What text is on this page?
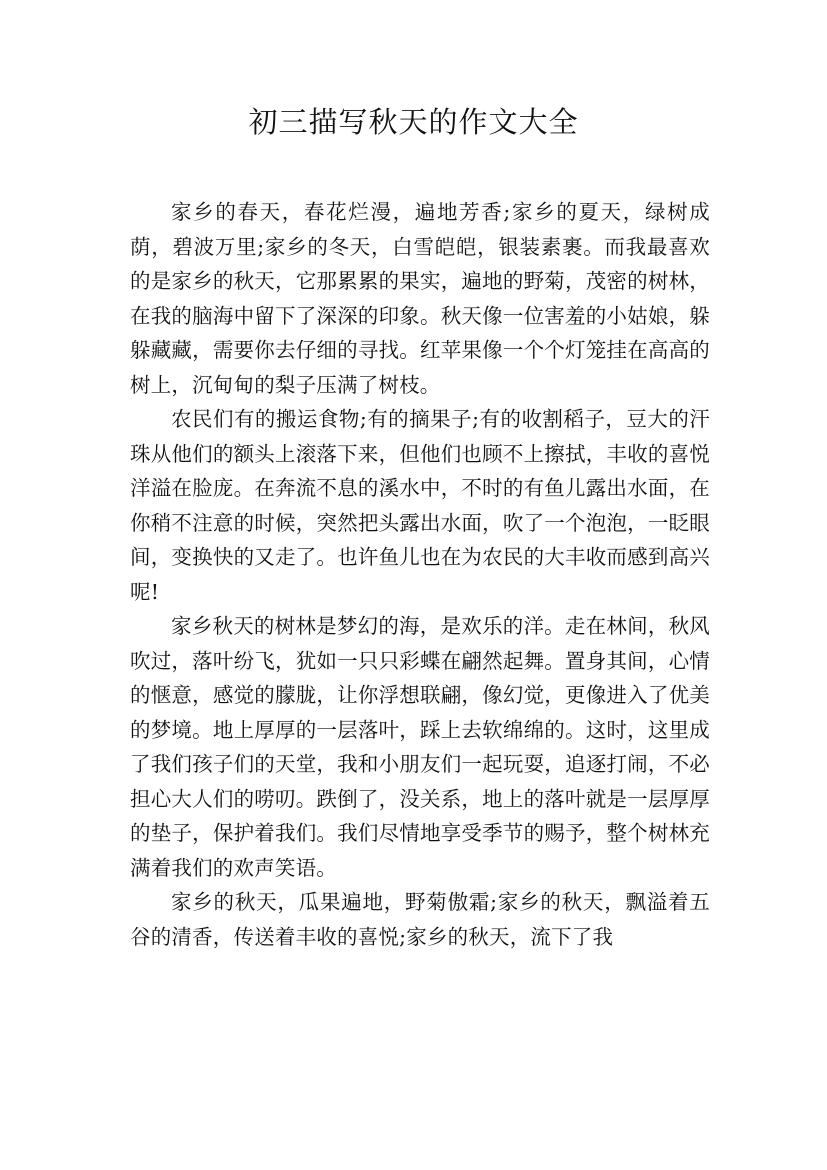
初三描写秋天的作文大全

家乡的春天，春花烂漫，遍地芳香;家乡的夏天，绿树成荫，碧波万里;家乡的冬天，白雪皑皑，银装素裹。而我最喜欢的是家乡的秋天，它那累累的果实，遍地的野菊，茂密的树林，在我的脑海中留下了深深的印象。秋天像一位害羞的小姑娘，躲躲藏藏，需要你去仔细的寻找。红苹果像一个个灯笼挂在高高的树上，沉甸甸的梨子压满了树枝。

农民们有的搬运食物;有的摘果子;有的收割稻子，豆大的汗珠从他们的额头上滚落下来，但他们也顾不上擦拭，丰收的喜悦洋溢在脸庞。在奔流不息的溪水中，不时的有鱼儿露出水面，在你稍不注意的时候，突然把头露出水面，吹了一个泡泡，一眨眼间，变换快的又走了。也许鱼儿也在为农民的大丰收而感到高兴呢!

家乡秋天的树林是梦幻的海，是欢乐的洋。走在林间，秋风吹过，落叶纷飞，犹如一只只彩蝶在翩然起舞。置身其间，心情的惬意，感觉的朦胧，让你浮想联翩，像幻觉，更像进入了优美的梦境。地上厚厚的一层落叶，踩上去软绵绵的。这时，这里成了我们孩子们的天堂，我和小朋友们一起玩耍，追逐打闹，不必担心大人们的唠叨。跌倒了，没关系，地上的落叶就是一层厚厚的垫子，保护着我们。我们尽情地享受季节的赐予，整个树林充满着我们的欢声笑语。

家乡的秋天，瓜果遍地，野菊傲霜;家乡的秋天，飘溢着五谷的清香，传送着丰收的喜悦;家乡的秋天，流下了我
